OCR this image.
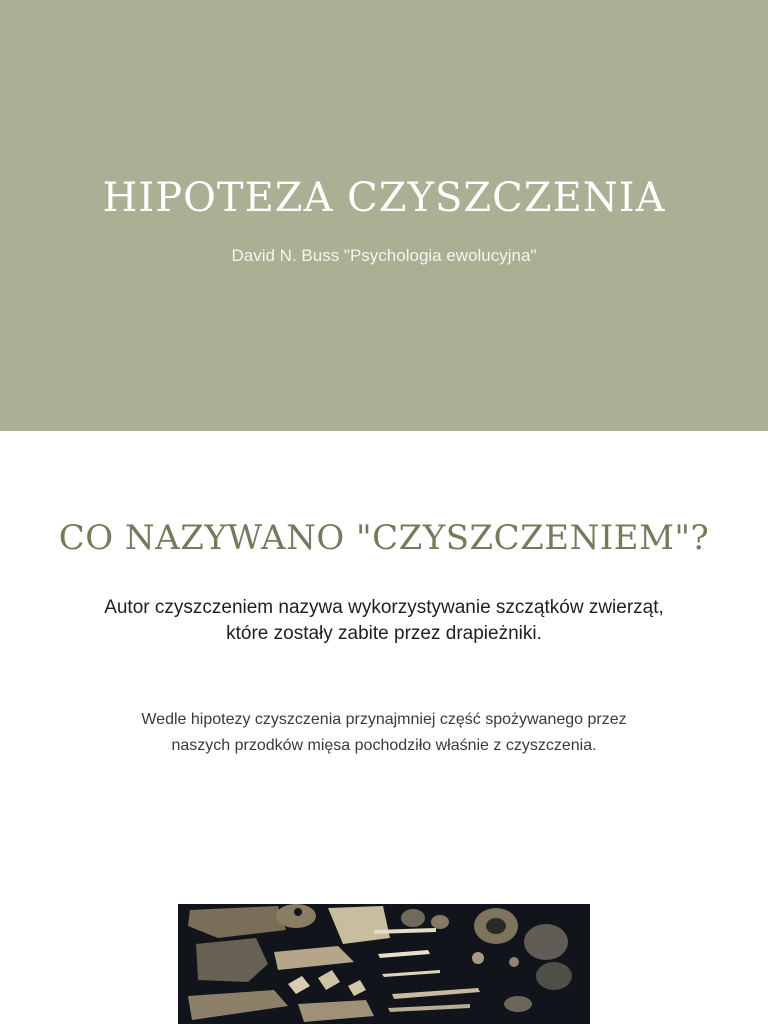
HIPOTEZA CZYSZCZENIA
David N. Buss "Psychologia ewolucyjna"
CO NAZYWANO "CZYSZCZENIEM"?

Autor czyszczeniem nazywa wykorzystywanie szczątków zwierząt, które zostały zabite przez drapieżniki.

Wedle hipotezy czyszczenia przynajmniej część spożywanego przez naszych przodków mięsa pochodziło właśnie z czyszczenia.
